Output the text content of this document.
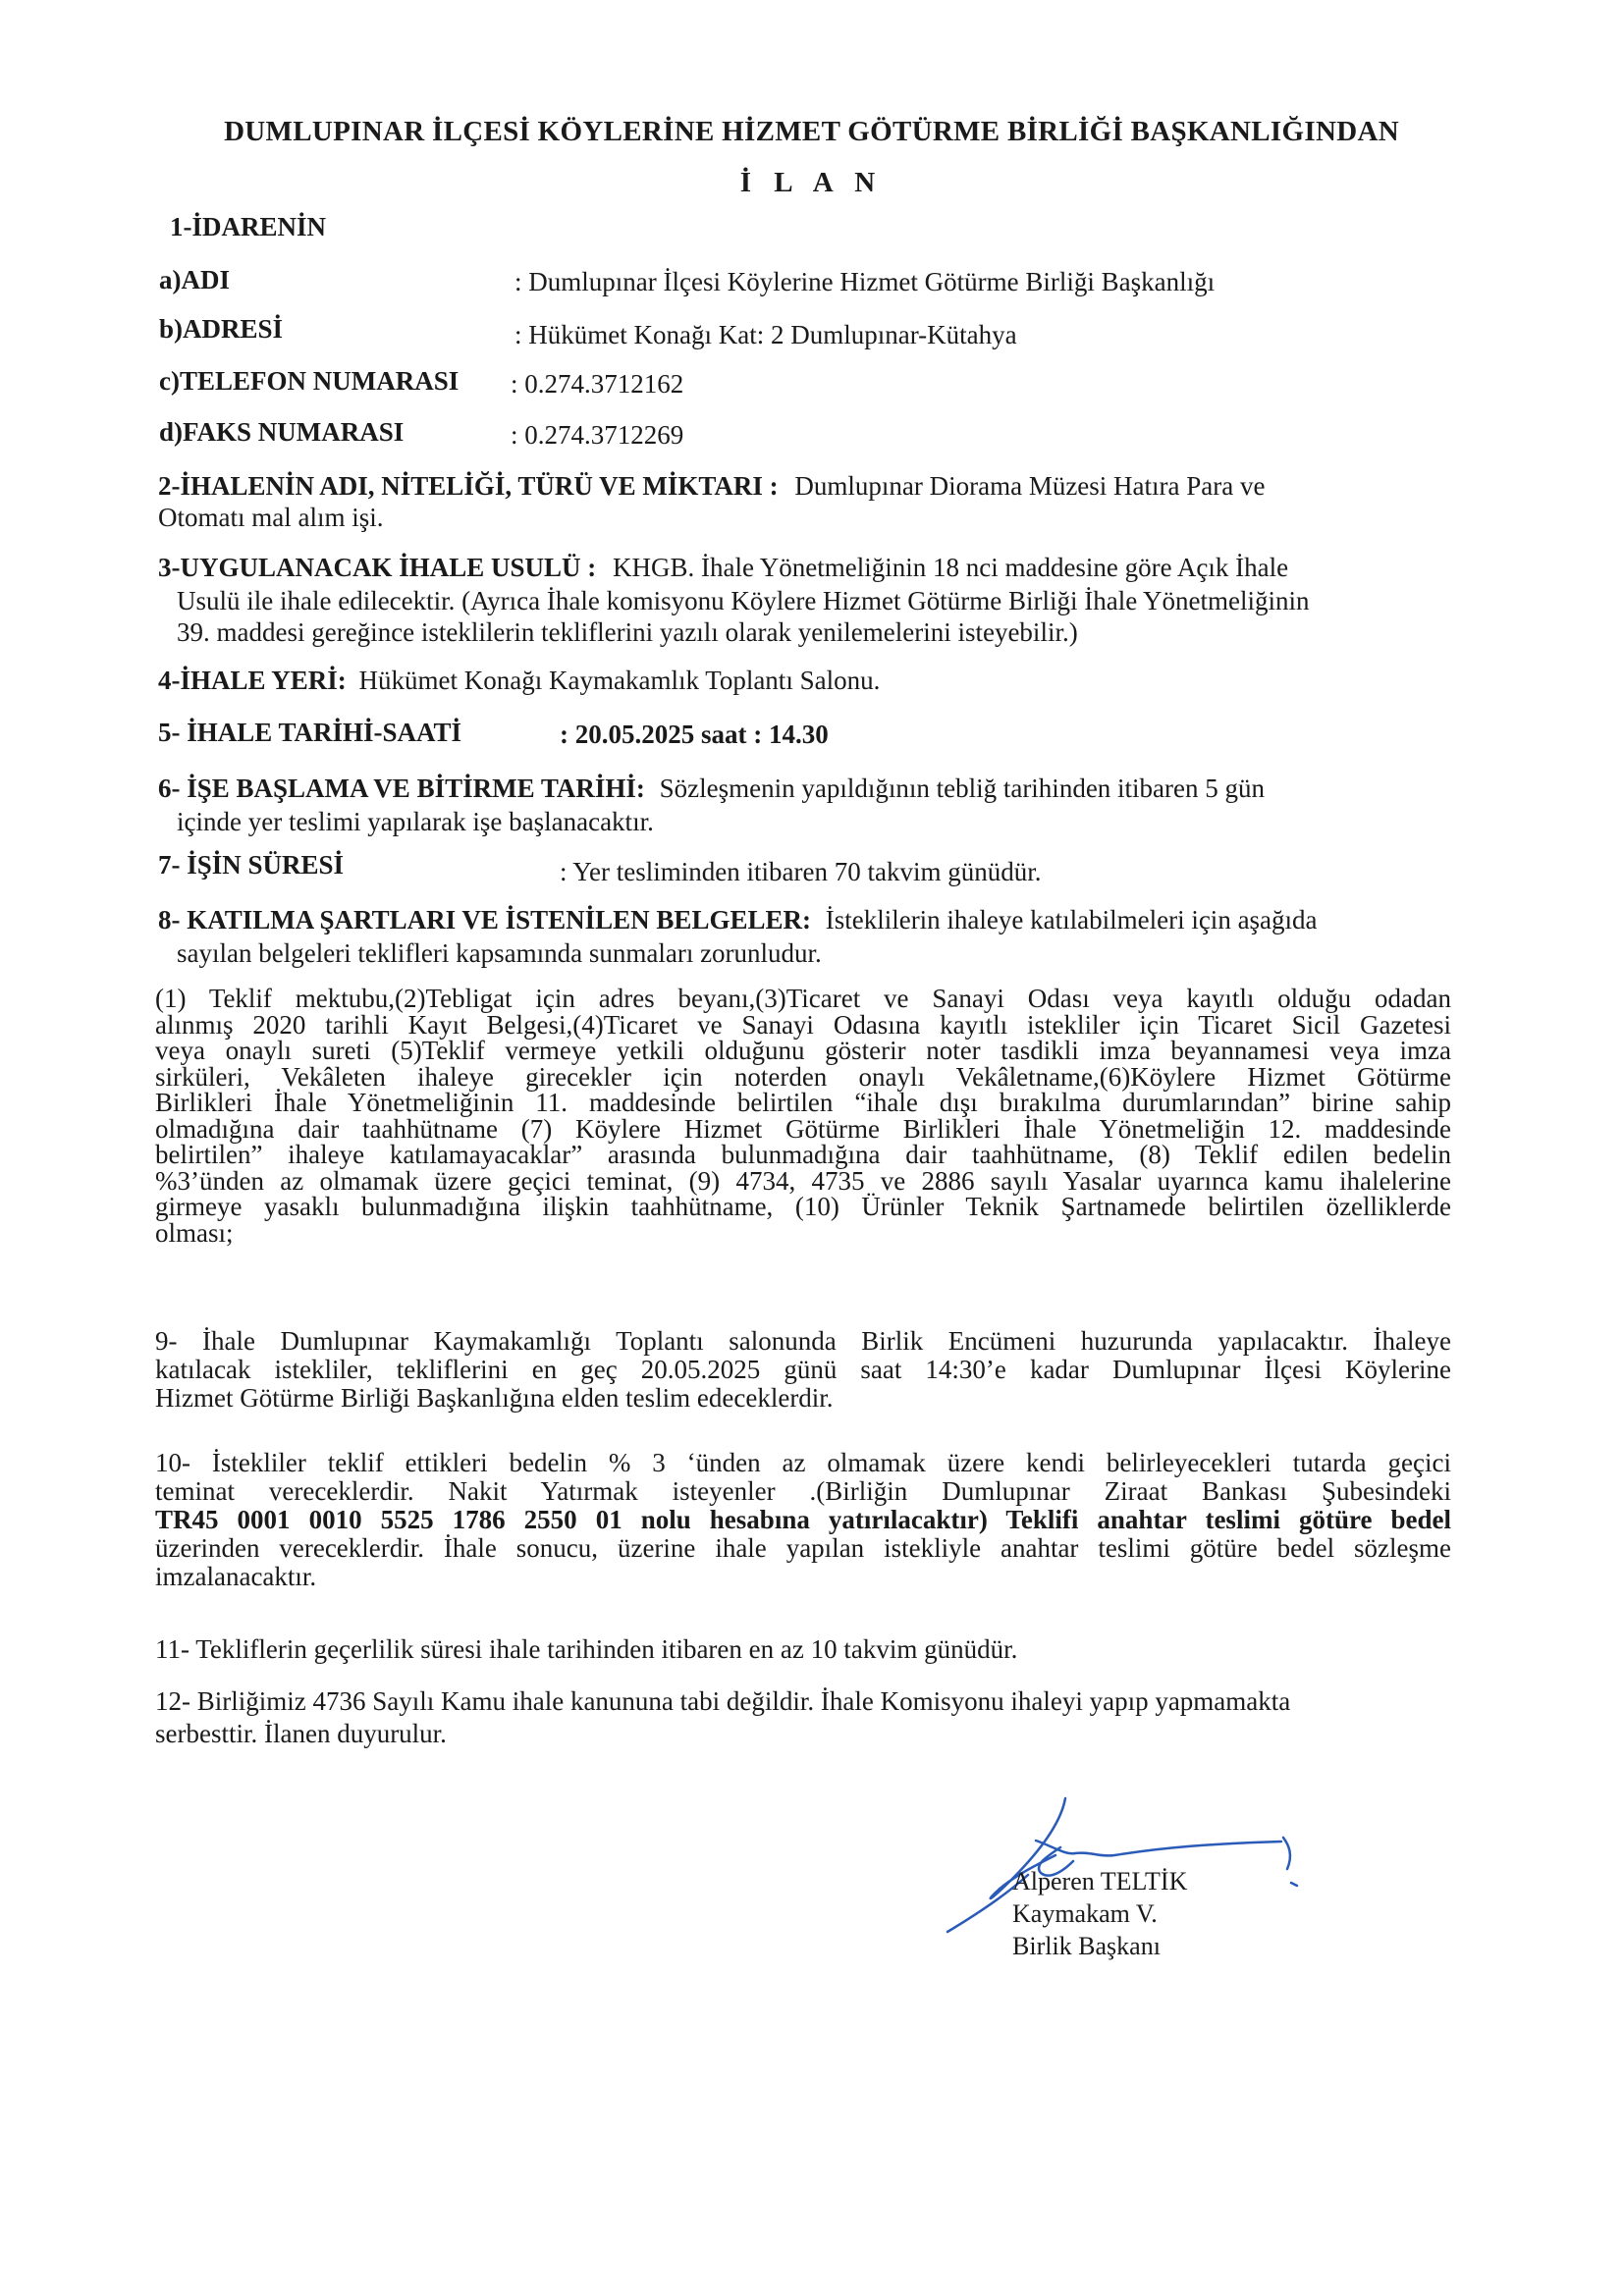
DUMLUPINAR İLÇESİ KÖYLERİNE HİZMET GÖTÜRME BİRLİĞİ BAŞKANLIĞINDAN
İ L A N
1-İDARENİN
a)ADI	: Dumlupınar İlçesi Köylerine Hizmet Götürme Birliği Başkanlığı
b)ADRESİ	: Hükümet Konağı Kat: 2 Dumlupınar-Kütahya
c)TELEFON NUMARASI : 0.274.3712162
d)FAKS NUMARASI	: 0.274.3712269
2-İHALENİN ADI, NİTELİĞİ, TÜRÜ VE MİKTARI : Dumlupınar Diorama Müzesi Hatıra Para ve
Otomatı mal alım işi.
3-UYGULANACAK İHALE USULÜ : KHGB. İhale Yönetmeliğinin 18 nci maddesine göre Açık İhale
Usulü ile ihale edilecektir. (Ayrıca İhale komisyonu Köylere Hizmet Götürme Birliği İhale Yönetmeliğinin
39. maddesi gereğince isteklilerin tekliflerini yazılı olarak yenilemelerini isteyebilir.)
4-İHALE YERİ: Hükümet Konağı Kaymakamlık Toplantı Salonu.
5- İHALE TARİHİ-SAATİ	: 20.05.2025 saat : 14.30
6- İŞE BAŞLAMA VE BİTİRME TARİHİ: Sözleşmenin yapıldığının tebliğ tarihinden itibaren 5 gün
içinde yer teslimi yapılarak işe başlanacaktır.
7- İŞİN SÜRESİ	: Yer tesliminden itibaren 70 takvim günüdür.
8- KATILMA ŞARTLARI VE İSTENİLEN BELGELER: İsteklilerin ihaleye katılabilmeleri için aşağıda
sayılan belgeleri teklifleri kapsamında sunmaları zorunludur.
(1) Teklif mektubu,(2)Tebligat için adres beyanı,(3)Ticaret ve Sanayi Odası veya kayıtlı olduğu odadan
alınmış 2020 tarihli Kayıt Belgesi,(4)Ticaret ve Sanayi Odasına kayıtlı istekliler için Ticaret Sicil Gazetesi
veya onaylı sureti (5)Teklif vermeye yetkili olduğunu gösterir noter tasdikli imza beyannamesi veya imza
sirküleri, Vekâleten ihaleye girecekler için noterden onaylı Vekâletname,(6)Köylere Hizmet Götürme
Birlikleri İhale Yönetmeliğinin 11. maddesinde belirtilen “ihale dışı bırakılma durumlarından” birine sahip
olmadığına dair taahhütname (7) Köylere Hizmet Götürme Birlikleri İhale Yönetmeliğin 12. maddesinde
belirtilen” ihaleye katılamayacaklar” arasında bulunmadığına dair taahhütname, (8) Teklif edilen bedelin
%3’ünden az olmamak üzere geçici teminat, (9) 4734, 4735 ve 2886 sayılı Yasalar uyarınca kamu ihalelerine
girmeye yasaklı bulunmadığına ilişkin taahhütname, (10) Ürünler Teknik Şartnamede belirtilen özelliklerde
olması;
9- İhale Dumlupınar Kaymakamlığı Toplantı salonunda Birlik Encümeni huzurunda yapılacaktır. İhaleye
katılacak istekliler, tekliflerini en geç 20.05.2025 günü saat 14:30’e kadar Dumlupınar İlçesi Köylerine
Hizmet Götürme Birliği Başkanlığına elden teslim edeceklerdir.
10- İstekliler teklif ettikleri bedelin % 3 ‘ünden az olmamak üzere kendi belirleyecekleri tutarda geçici
teminat vereceklerdir. Nakit Yatırmak isteyenler .(Birliğin Dumlupınar Ziraat Bankası Şubesindeki
TR45 0001 0010 5525 1786 2550 01 nolu hesabına yatırılacaktır) Teklifi anahtar teslimi götüre bedel
üzerinden vereceklerdir. İhale sonucu, üzerine ihale yapılan istekliyle anahtar teslimi götüre bedel sözleşme
imzalanacaktır.
11- Tekliflerin geçerlilik süresi ihale tarihinden itibaren en az 10 takvim günüdür.
12- Birliğimiz 4736 Sayılı Kamu ihale kanununa tabi değildir. İhale Komisyonu ihaleyi yapıp yapmamakta
serbesttir. İlanen duyurulur.
Alperen TELTİK
Kaymakam V.
Birlik Başkanı
